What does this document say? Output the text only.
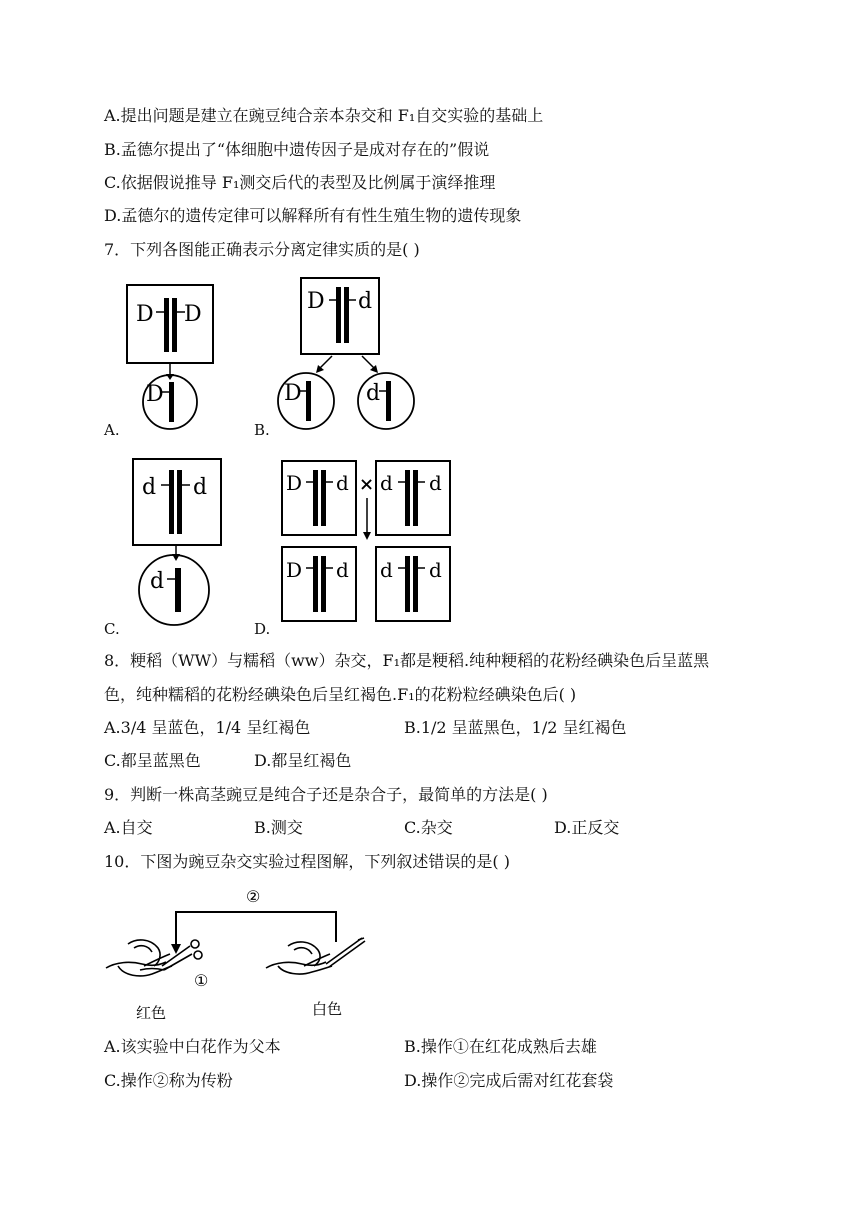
A.提出问题是建立在豌豆纯合亲本杂交和 F₁自交实验的基础上
B.孟德尔提出了“体细胞中遗传因子是成对存在的”假说
C.依据假说推导 F₁测交后代的表型及比例属于演绎推理
D.孟德尔的遗传定律可以解释所有有性生殖生物的遗传现象
7．下列各图能正确表示分离定律实质的是( )
D D
D
A.
D d
D	d
B.
d d
d
C.
D d × d d
D d d d
D.
8．粳稻（WW）与糯稻（ww）杂交，F₁都是粳稻.纯种粳稻的花粉经碘染色后呈蓝黑
色，纯种糯稻的花粉经碘染色后呈红褐色.F₁的花粉粒经碘染色后( )
A.3/4 呈蓝色，1/4 呈红褐色	B.1/2 呈蓝黑色，1/2 呈红褐色
C.都呈蓝黑色	D.都呈红褐色
9．判断一株高茎豌豆是纯合子还是杂合子，最简单的方法是( )
A.自交	B.测交	C.杂交	D.正反交
10．下图为豌豆杂交实验过程图解，下列叙述错误的是( )
②
①
红色	白色
A.该实验中白花作为父本	B.操作①在红花成熟后去雄
C.操作②称为传粉	D.操作②完成后需对红花套袋
